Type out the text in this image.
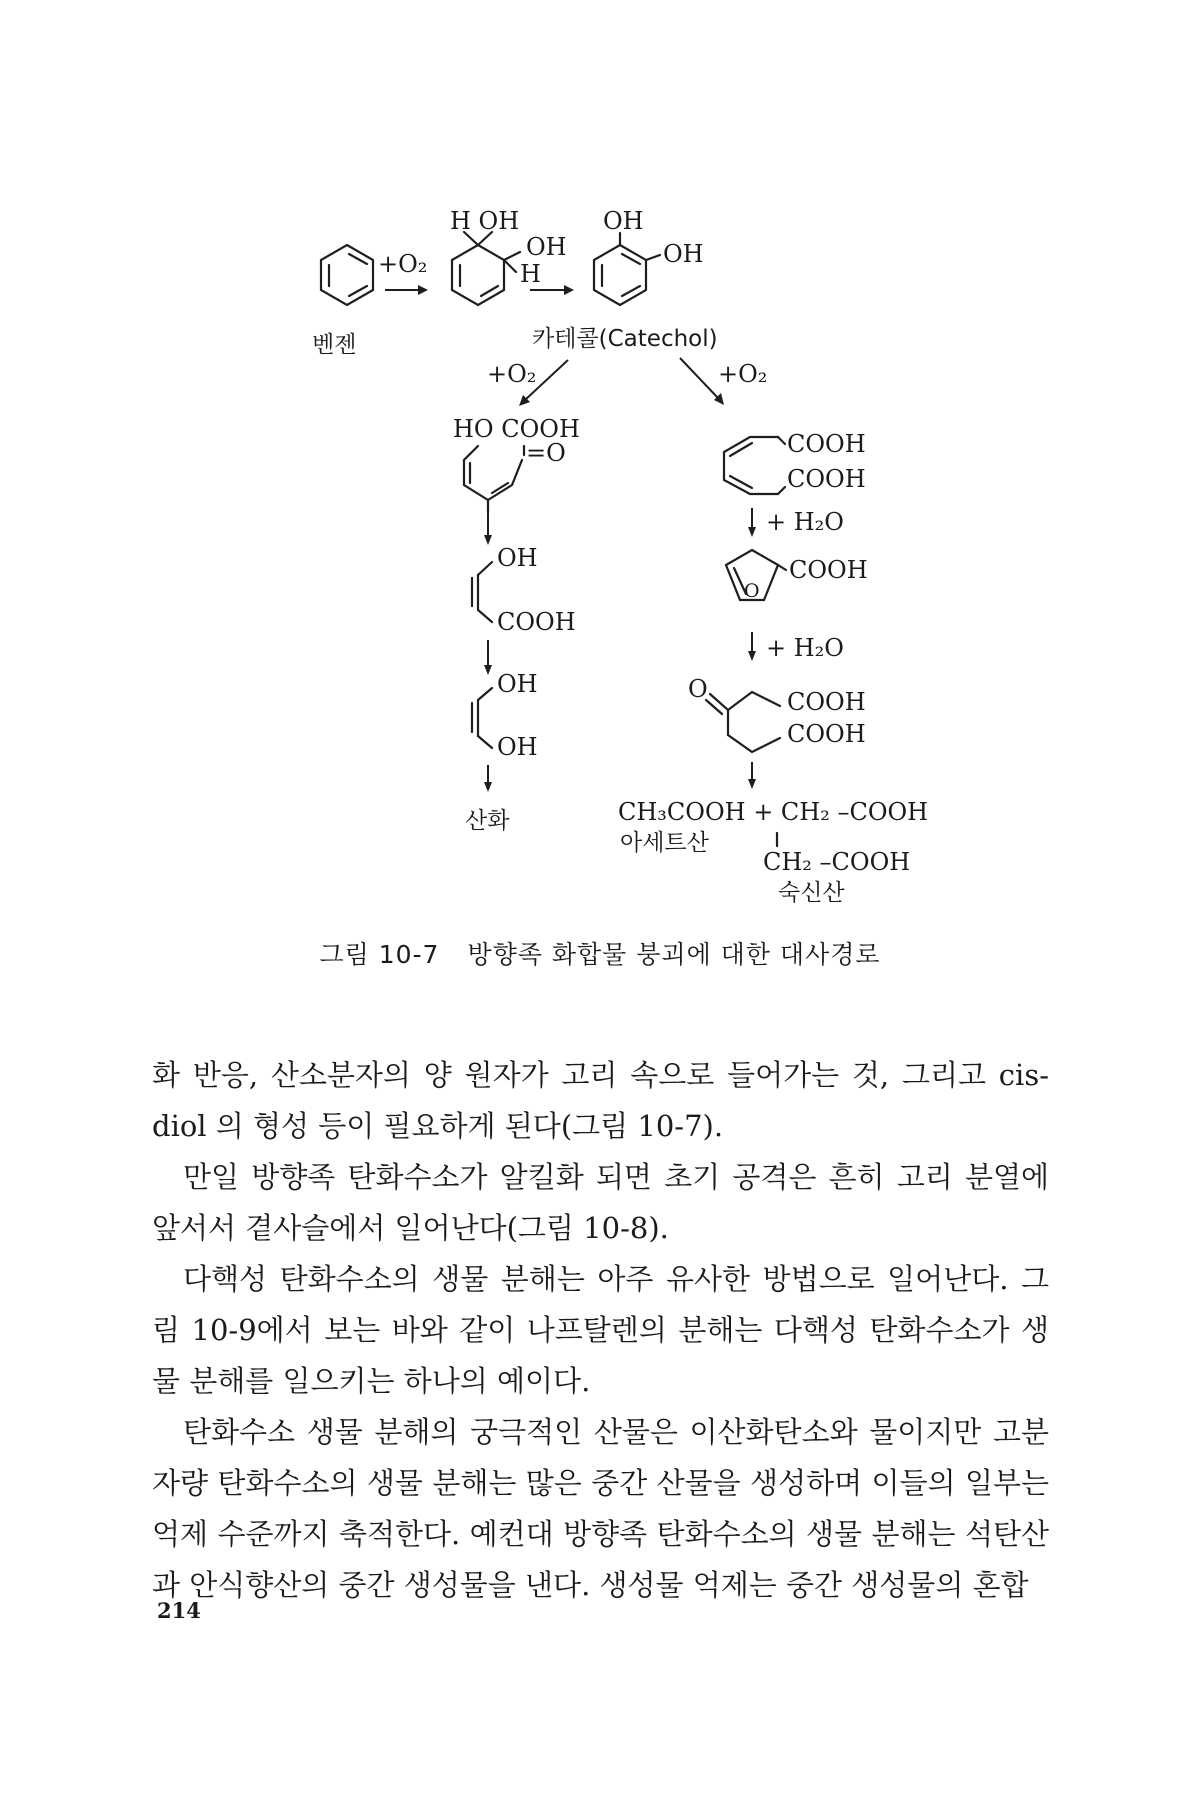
+O₂
벤젠
H OH
OH
H
OH
OH
카테콜(Catechol)
+O₂	+O₂
HO COOH
=O
OH
COOH
OH
OH
산화
COOH
COOH
+ H₂O
O
COOH
+ H₂O
O	COOH
COOH
CH₃COOH + CH₂ –COOH
아세트산
CH₂ –COOH
숙신산
그림 10-7 방향족 화합물 붕괴에 대한 대사경로

화 반응, 산소분자의 양 원자가 고리 속으로 들어가는 것, 그리고 cis-diol 의 형성 등이 필요하게 된다(그림 10-7).

만일 방향족 탄화수소가 알킬화 되면 초기 공격은 흔히 고리 분열에 앞서서 곁사슬에서 일어난다(그림 10-8).

다핵성 탄화수소의 생물 분해는 아주 유사한 방법으로 일어난다. 그림 10-9에서 보는 바와 같이 나프탈렌의 분해는 다핵성 탄화수소가 생물 분해를 일으키는 하나의 예이다.

탄화수소 생물 분해의 궁극적인 산물은 이산화탄소와 물이지만 고분자량 탄화수소의 생물 분해는 많은 중간 산물을 생성하며 이들의 일부는 억제 수준까지 축적한다. 예컨대 방향족 탄화수소의 생물 분해는 석탄산과 안식향산의 중간 생성물을 낸다. 생성물 억제는 중간 생성물의 혼합

214
